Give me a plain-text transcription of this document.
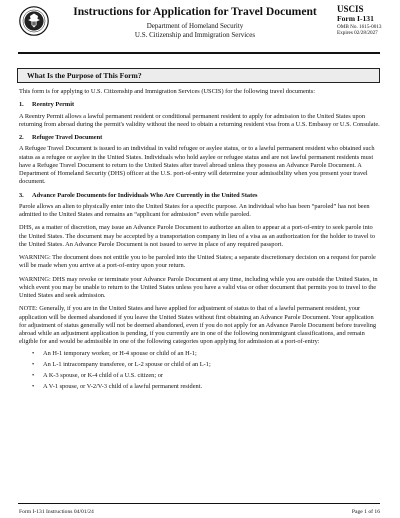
Instructions for Application for Travel Document
Department of Homeland Security
U.S. Citizenship and Immigration Services
USCIS
Form I-131
OMB No. 1615-0013
Expires 02/28/2027
What Is the Purpose of This Form?

This form is for applying to U.S. Citizenship and Immigration Services (USCIS) for the following travel documents:

1.	Reentry Permit

A Reentry Permit allows a lawful permanent resident or conditional permanent resident to apply for admission to the United States upon returning from abroad during the permit's validity without the need to obtain a returning resident visa from a U.S. Embassy or U.S. Consulate.

2.	Refugee Travel Document

A Refugee Travel Document is issued to an individual in valid refugee or asylee status, or to a lawful permanent resident who obtained such status as a refugee or asylee in the United States. Individuals who hold asylee or refugee status and are not lawful permanent residents must have a Refugee Travel Document to return to the United States after travel abroad unless they possess an Advance Parole Document. A Department of Homeland Security (DHS) officer at the U.S. port-of-entry will determine your admissibility when you present your travel document.

3.	Advance Parole Documents for Individuals Who Are Currently in the United States

Parole allows an alien to physically enter into the United States for a specific purpose. An individual who has been “paroled” has not been admitted to the United States and remains an “applicant for admission” even while paroled.

DHS, as a matter of discretion, may issue an Advance Parole Document to authorize an alien to appear at a port-of-entry to seek parole into the United States. The document may be accepted by a transportation company in lieu of a visa as an authorization for the holder to travel to the United States. An Advance Parole Document is not issued to serve in place of any required passport.

WARNING: The document does not entitle you to be paroled into the United States; a separate discretionary decision on a request for parole will be made when you arrive at a port-of-entry upon your return.

WARNING: DHS may revoke or terminate your Advance Parole Document at any time, including while you are outside the United States, in which event you may be unable to return to the United States unless you have a valid visa or other document that permits you to travel to the United States and seek admission.

NOTE: Generally, if you are in the United States and have applied for adjustment of status to that of a lawful permanent resident, your application will be deemed abandoned if you leave the United States without first obtaining an Advance Parole Document. Your application for adjustment of status generally will not be deemed abandoned, even if you do not apply for an Advance Parole Document before traveling abroad while an adjustment application is pending, if you currently are in one of the following nonimmigrant classifications, and remain eligible for and would be admissible in one of the following categories upon applying for admission at a port-of-entry:

•	An H-1 temporary worker, or H-4 spouse or child of an H-1;
•	An L-1 intracompany transferee, or L-2 spouse or child of an L-1;
•	A K-3 spouse, or K-4 child of a U.S. citizen; or
•	A V-1 spouse, or V-2/V-3 child of a lawful permanent resident.
Form I-131 Instructions 04/01/24	Page 1 of 16
